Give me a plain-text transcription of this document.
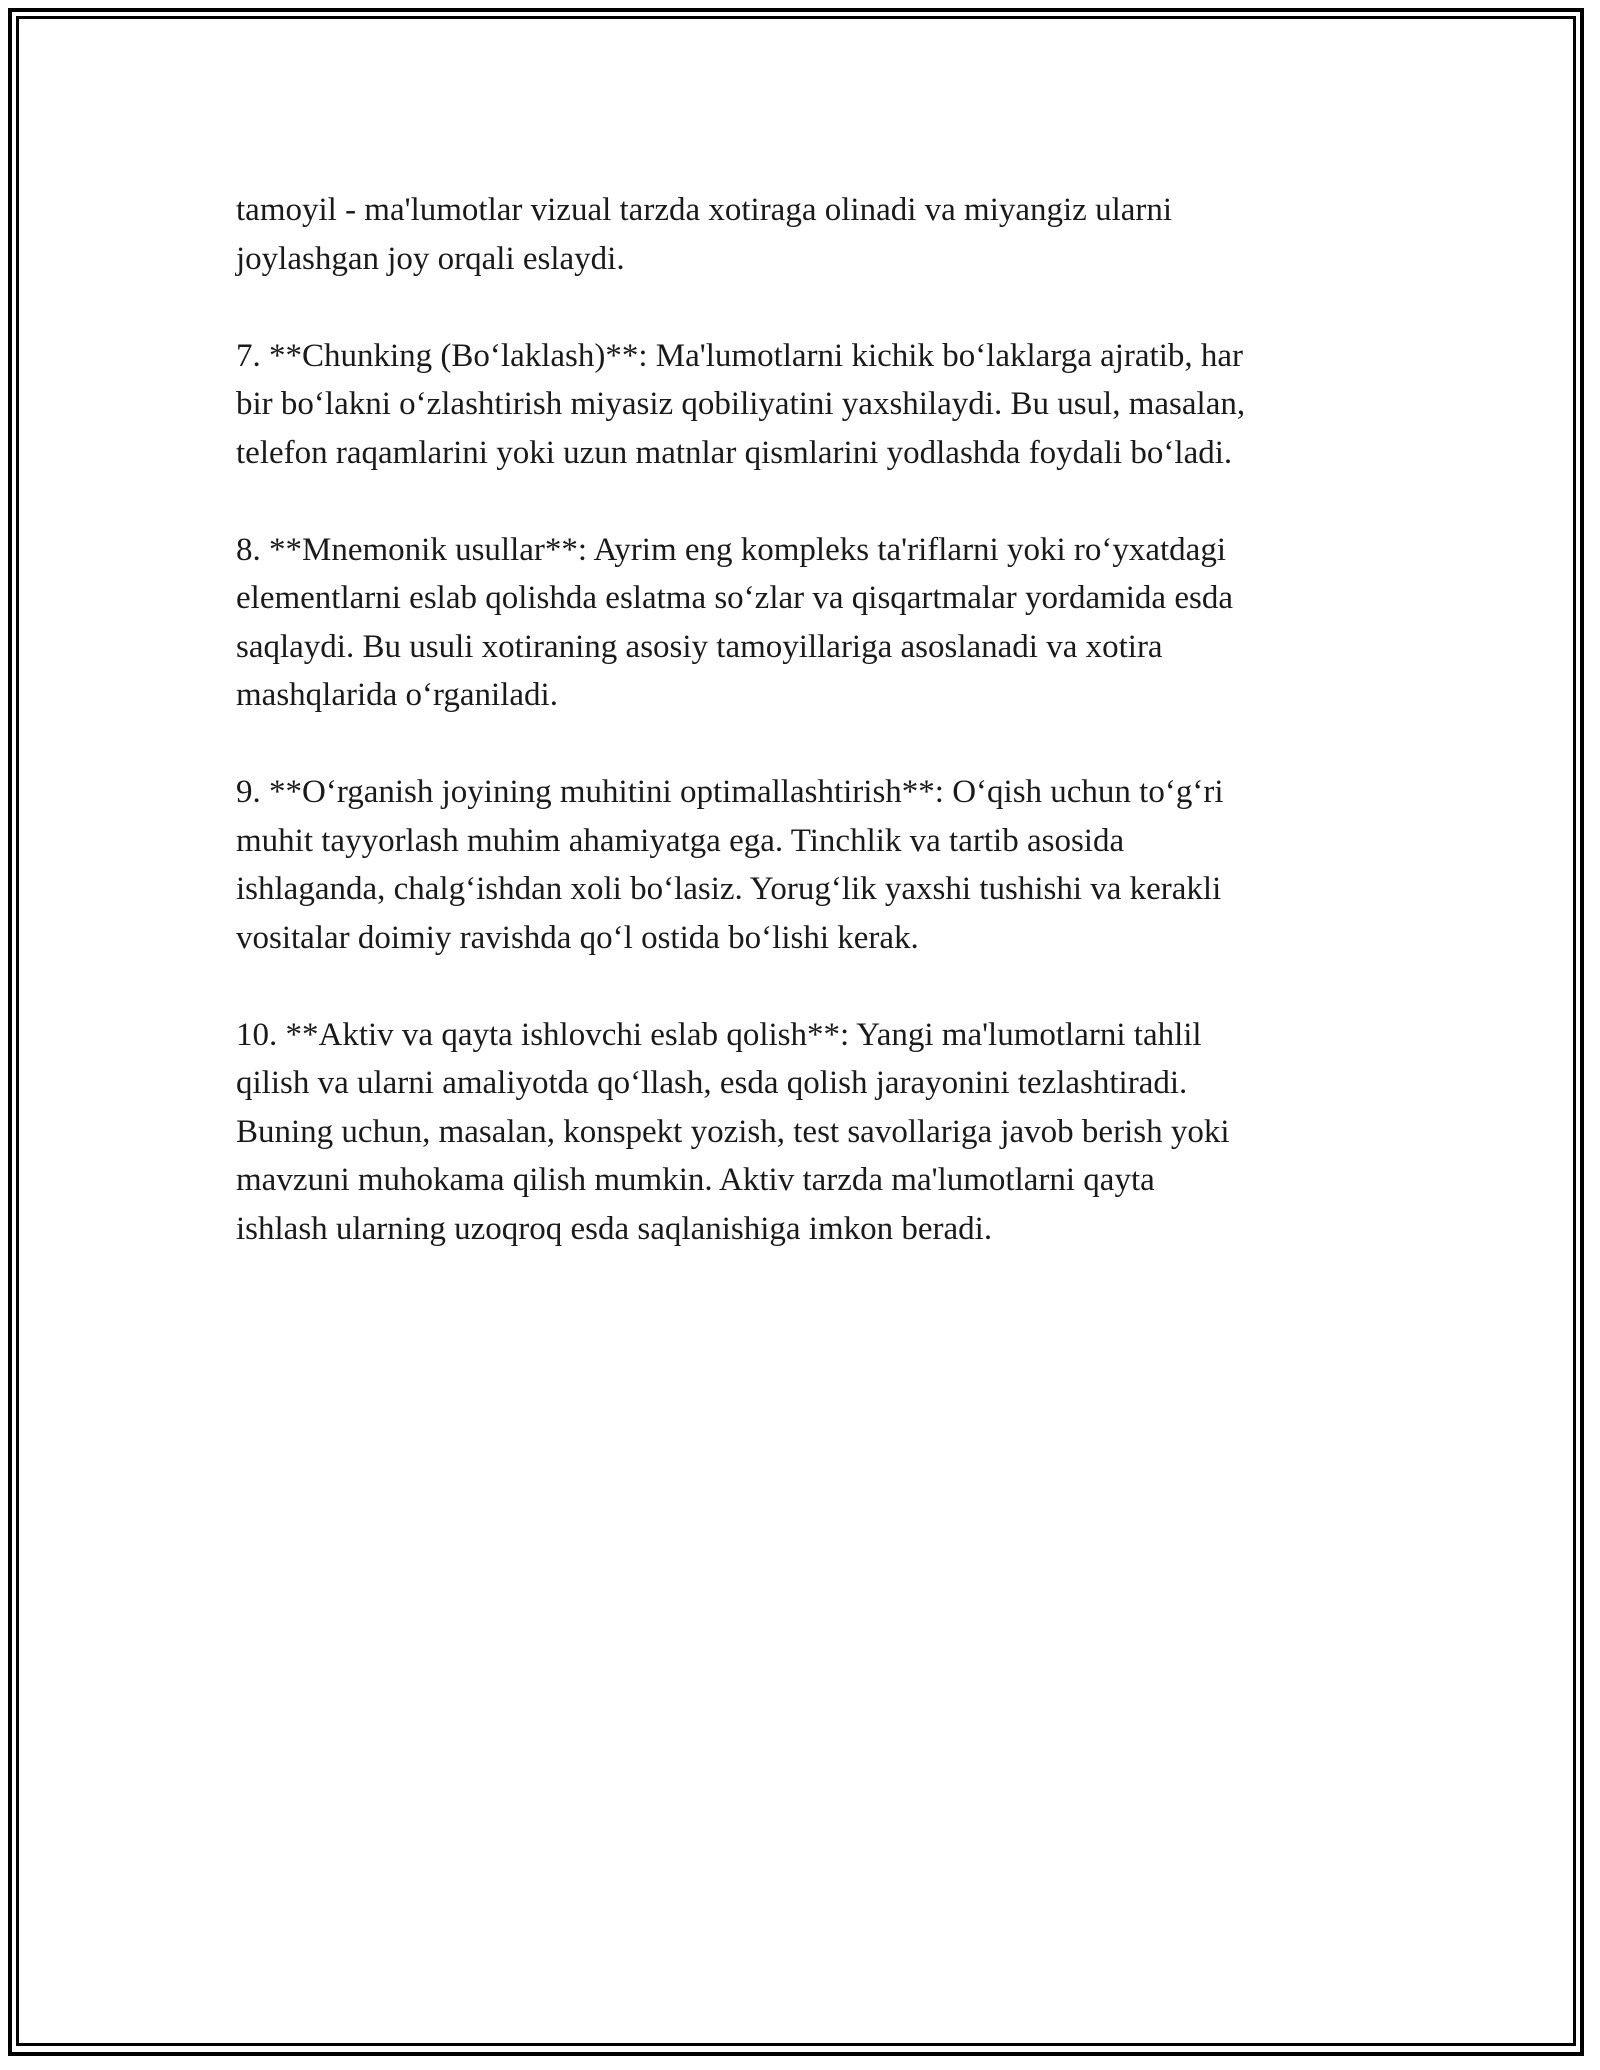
tamoyil - ma'lumotlar vizual tarzda xotiraga olinadi va miyangiz ularni
joylashgan joy orqali eslaydi.

7. **Chunking (Bo‘laklash)**: Ma'lumotlarni kichik bo‘laklarga ajratib, har
bir bo‘lakni o‘zlashtirish miyasiz qobiliyatini yaxshilaydi. Bu usul, masalan,
telefon raqamlarini yoki uzun matnlar qismlarini yodlashda foydali bo‘ladi.

8. **Mnemonik usullar**: Ayrim eng kompleks ta'riflarni yoki ro‘yxatdagi
elementlarni eslab qolishda eslatma so‘zlar va qisqartmalar yordamida esda
saqlaydi. Bu usuli xotiraning asosiy tamoyillariga asoslanadi va xotira
mashqlarida o‘rganiladi.

9. **O‘rganish joyining muhitini optimallashtirish**: O‘qish uchun to‘g‘ri
muhit tayyorlash muhim ahamiyatga ega. Tinchlik va tartib asosida
ishlaganda, chalg‘ishdan xoli bo‘lasiz. Yorug‘lik yaxshi tushishi va kerakli
vositalar doimiy ravishda qo‘l ostida bo‘lishi kerak.

10. **Aktiv va qayta ishlovchi eslab qolish**: Yangi ma'lumotlarni tahlil
qilish va ularni amaliyotda qo‘llash, esda qolish jarayonini tezlashtiradi.
Buning uchun, masalan, konspekt yozish, test savollariga javob berish yoki
mavzuni muhokama qilish mumkin. Aktiv tarzda ma'lumotlarni qayta
ishlash ularning uzoqroq esda saqlanishiga imkon beradi.
